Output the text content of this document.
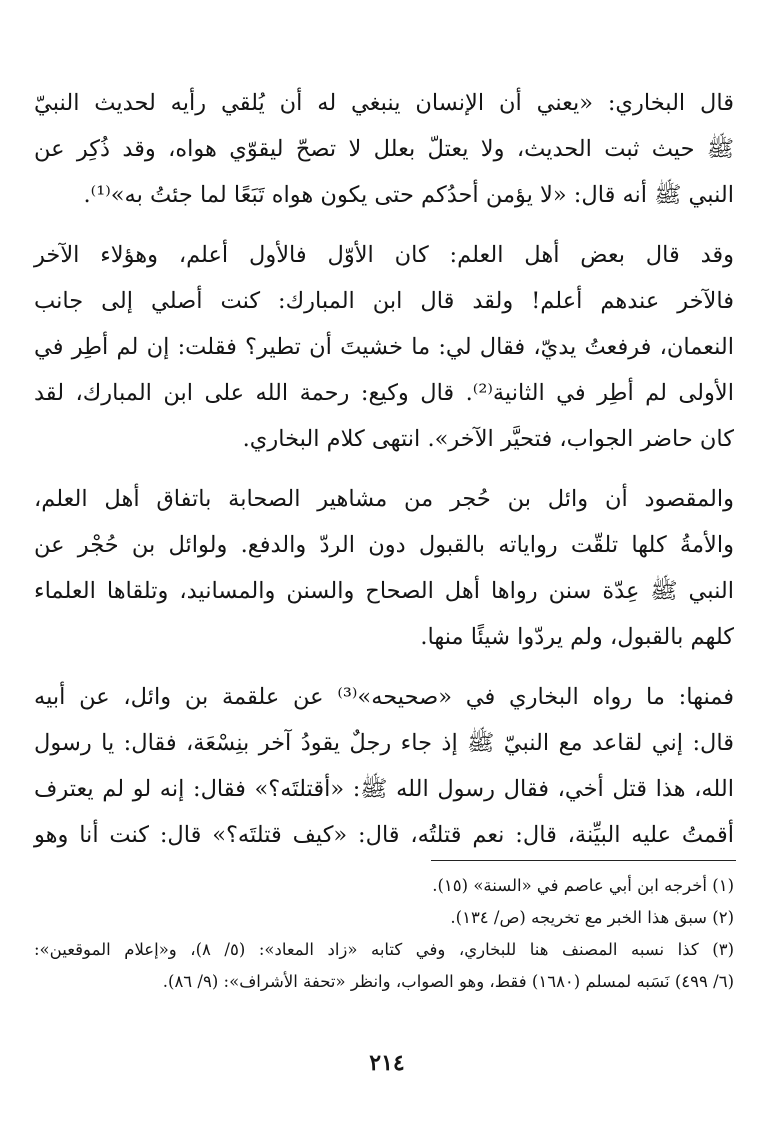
قال البخاري: «يعني أن الإنسان ينبغي له أن يُلقي رأيه لحديث النبيّ
ﷺ حيث ثبت الحديث، ولا يعتلّ بعلل لا تصحّ ليقوّي هواه، وقد ذُكِر عن
النبي ﷺ أنه قال: «لا يؤمن أحدُكم حتى يكون هواه تَبَعًا لما جئتُ به»⁽¹⁾.
وقد قال بعض أهل العلم: كان الأوّل فالأول أعلم، وهؤلاء الآخر
فالآخر عندهم أعلم! ولقد قال ابن المبارك: كنت أصلي إلى جانب
النعمان، فرفعتُ يديّ، فقال لي: ما خشيتَ أن تطير؟ فقلت: إن لم أطِر في
الأولى لم أطِر في الثانية⁽²⁾. قال وكيع: رحمة الله على ابن المبارك، لقد
كان حاضر الجواب، فتحيَّر الآخر». انتهى كلام البخاري.
والمقصود أن وائل بن حُجر من مشاهير الصحابة باتفاق أهل العلم،
والأمةُ كلها تلقّت رواياته بالقبول دون الردّ والدفع. ولوائل بن حُجْر عن
النبي ﷺ عِدّة سنن رواها أهل الصحاح والسنن والمسانيد، وتلقاها العلماء
كلهم بالقبول، ولم يردّوا شيئًا منها.
فمنها: ما رواه البخاري في «صحيحه»⁽³⁾ عن علقمة بن وائل، عن أبيه
قال: إني لقاعد مع النبيّ ﷺ إذ جاء رجلٌ يقودُ آخر بنِسْعَة، فقال: يا رسول
الله، هذا قتل أخي، فقال رسول الله ﷺ: «أقتلتَه؟» فقال: إنه لو لم يعترف
أقمتُ عليه البيِّنة، قال: نعم قتلتُه، قال: «كيف قتلتَه؟» قال: كنت أنا وهو
(١) أخرجه ابن أبي عاصم في «السنة» (١٥).
(٢) سبق هذا الخبر مع تخريجه (ص/ ١٣٤).
(٣) كذا نسبه المصنف هنا للبخاري، وفي كتابه «زاد المعاد»: (٥/ ٨)، و«إعلام الموقعين»:
(٦/ ٤٩٩) نَسَبه لمسلم (١٦٨٠) فقط، وهو الصواب، وانظر «تحفة الأشراف»: (٩/ ٨٦).
٢١٤
